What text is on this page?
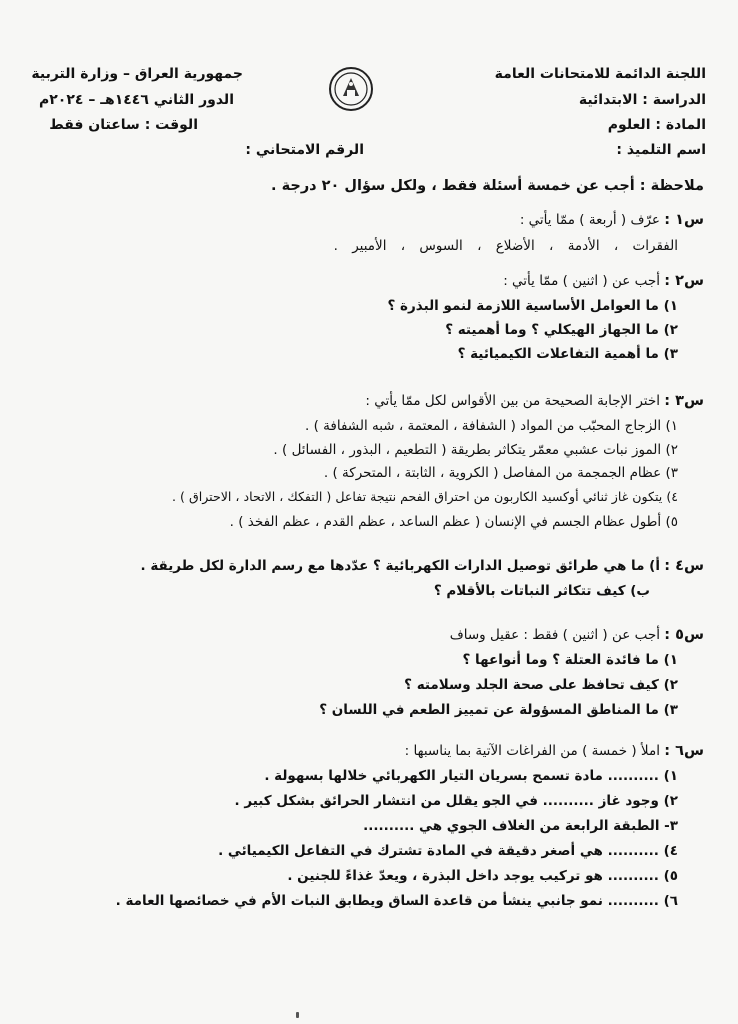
اللجنة الدائمة للامتحانات العامة
الدراسة : الابتدائية
المادة : العلوم
اسم التلميذ :
جمهورية العراق – وزارة التربية
الدور الثاني ١٤٤٦هـ – ٢٠٢٤م
الوقت : ساعتان فقط
الرقم الامتحاني :
ملاحظة : أجب عن خمسة أسئلة فقط ، ولكل سؤال ٢٠ درجة .
س١ : عرّف ( أربعة ) ممّا يأتي :
الفقرات ، الأدمة ، الأضلاع ، السوس ، الأمبير .
س٢ : أجب عن ( اثنين ) ممّا يأتي :
١) ما العوامل الأساسية اللازمة لنمو البذرة ؟
٢) ما الجهاز الهيكلي ؟ وما أهميته ؟
٣) ما أهمية التفاعلات الكيميائية ؟
س٣ : اختر الإجابة الصحيحة من بين الأقواس لكل ممّا يأتي :
١) الزجاج المحبّب من المواد ( الشفافة ، المعتمة ، شبه الشفافة ) .
٢) الموز نبات عشبي معمّر يتكاثر بطريقة ( التطعيم ، البذور ، الفسائل ) .
٣) عظام الجمجمة من المفاصل ( الكروية ، الثابتة ، المتحركة ) .
٤) يتكون غاز ثنائي أوكسيد الكاربون من احتراق الفحم نتيجة تفاعل ( التفكك ، الاتحاد ، الاحتراق ) .
٥) أطول عظام الجسم في الإنسان ( عظم الساعد ، عظم القدم ، عظم الفخذ ) .
س٤ : أ) ما هي طرائق توصيل الدارات الكهربائية ؟ عدّدها مع رسم الدارة لكل طريقة .
ب) كيف تتكاثر النباتات بالأقلام ؟
س٥ : أجب عن ( اثنين ) فقط : عقيل وساف
١) ما فائدة العتلة ؟ وما أنواعها ؟
٢) كيف تحافظ على صحة الجلد وسلامته ؟
٣) ما المناطق المسؤولة عن تمييز الطعم في اللسان ؟
س٦ : املأ ( خمسة ) من الفراغات الآتية بما يناسبها :
١) .......... مادة تسمح بسريان التيار الكهربائي خلالها بسهولة .
٢) وجود غاز .......... في الجو يقلل من انتشار الحرائق بشكل كبير .
٣- الطبقة الرابعة من الغلاف الجوي هي ..........
٤) .......... هي أصغر دقيقة في المادة تشترك في التفاعل الكيميائي .
٥) .......... هو تركيب يوجد داخل البذرة ، ويعدّ غذاءً للجنين .
٦) .......... نمو جانبي ينشأ من قاعدة الساق ويطابق النبات الأم في خصائصها العامة .
